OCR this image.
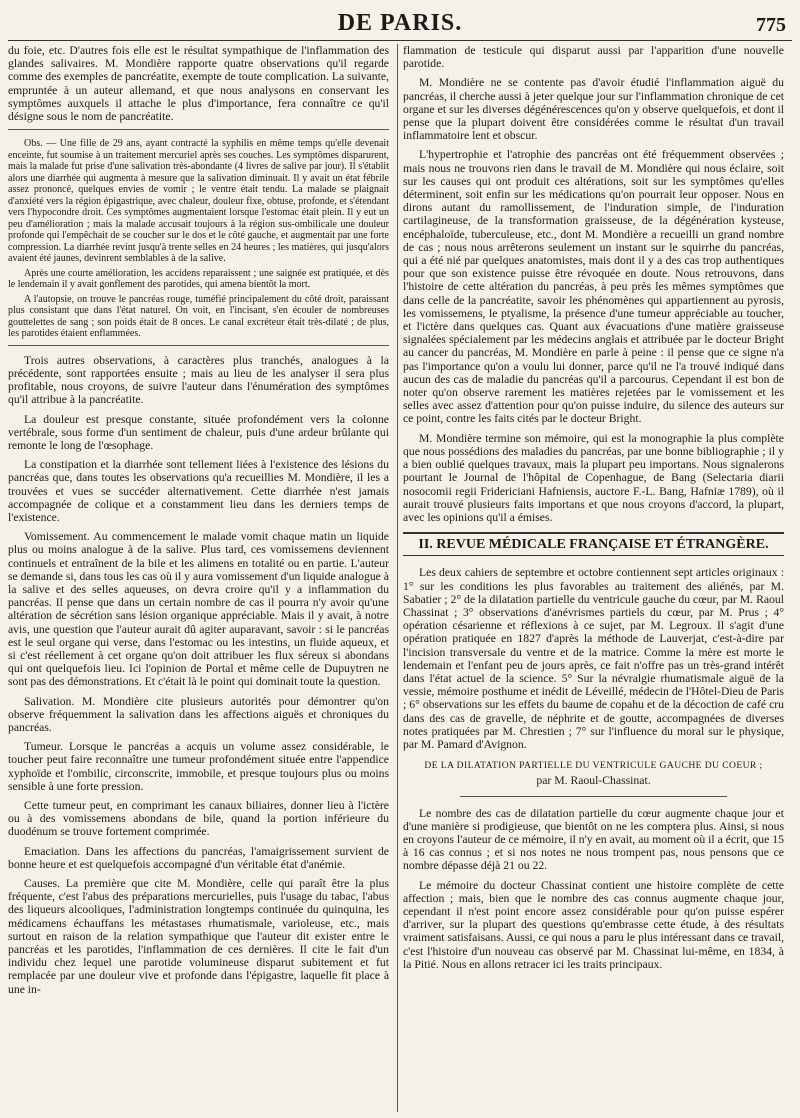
DE PARIS.	775

du foie, etc. D'autres fois elle est le résultat sympathique de l'inflammation des glandes salivaires. M. Mondière rapporte quatre observations qu'il regarde comme des exemples de pancréatite, exempte de toute complication. La suivante, empruntée à un auteur allemand, et que nous analysons en conservant les symptômes auxquels il attache le plus d'importance, fera connaître ce qu'il désigne sous le nom de pancréatite.

Obs. — Une fille de 29 ans, ayant contracté la syphilis en même temps qu'elle devenait enceinte, fut soumise à un traitement mercuriel après ses couches. Les symptômes disparurent, mais la malade fut prise d'une salivation très-abondante (4 livres de salive par jour). Il s'établit alors une diarrhée qui augmenta à mesure que la salivation diminuait. Il y avait un état fébrile assez prononcé, quelques envies de vomir ; le ventre était tendu. La malade se plaignait d'anxiété vers la région épigastrique, avec chaleur, douleur fixe, obtuse, profonde, et s'étendant vers l'hypocondre droit. Ces symptômes augmentaient lorsque l'estomac était plein. Il y eut un peu d'amélioration ; mais la malade accusait toujours à la région sus-ombilicale une douleur profonde qui l'empêchait de se coucher sur le dos et le côté gauche, et augmentait par une forte compression. La diarrhée revint jusqu'à trente selles en 24 heures ; les matières, qui jusqu'alors avaient été jaunes, devinrent semblables à de la salive.

Après une courte amélioration, les accidens reparaissent ; une saignée est pratiquée, et dès le lendemain il y avait gonflement des parotides, qui amena bientôt la mort.

A l'autopsie, on trouve le pancréas rouge, tuméfié principalement du côté droit, paraissant plus consistant que dans l'état naturel. On voit, en l'incisant, s'en écouler de nombreuses gouttelettes de sang ; son poids était de 8 onces. Le canal excréteur était très-dilaté ; de plus, les parotides étaient enflammées.

Trois autres observations, à caractères plus tranchés, analogues à la précédente, sont rapportées ensuite ; mais au lieu de les analyser il sera plus profitable, nous croyons, de suivre l'auteur dans l'énumération des symptômes qu'il attribue à la pancréatite.

La douleur est presque constante, située profondément vers la colonne vertébrale, sous forme d'un sentiment de chaleur, puis d'une ardeur brûlante qui remonte le long de l'œsophage.

La constipation et la diarrhée sont tellement liées à l'existence des lésions du pancréas que, dans toutes les observations qu'a recueillies M. Mondière, il les a trouvées et vues se succéder alternativement. Cette diarrhée n'est jamais accompagnée de colique et a constamment lieu dans les derniers temps de l'existence.

Vomissement. Au commencement le malade vomit chaque matin un liquide plus ou moins analogue à de la salive. Plus tard, ces vomissemens deviennent continuels et entraînent de la bile et les alimens en totalité ou en partie. L'auteur se demande si, dans tous les cas où il y aura vomissement d'un liquide analogue à la salive et des selles aqueuses, on devra croire qu'il y a inflammation du pancréas. Il pense que dans un certain nombre de cas il pourra n'y avoir qu'une altération de sécrétion sans lésion organique appréciable. Mais il y avait, à notre avis, une question que l'auteur aurait dû agiter auparavant, savoir : si le pancréas est le seul organe qui verse, dans l'estomac ou les intestins, un fluide aqueux, et si c'est réellement à cet organe qu'on doit attribuer les flux séreux si abondans qui ont quelquefois lieu. Ici l'opinion de Portal et même celle de Dupuytren ne sont pas des démonstrations. Et c'était là le point qui dominait toute la question.

Salivation. M. Mondière cite plusieurs autorités pour démontrer qu'on observe fréquemment la salivation dans les affections aiguës et chroniques du pancréas.

Tumeur. Lorsque le pancréas a acquis un volume assez considérable, le toucher peut faire reconnaître une tumeur profondément située entre l'appendice xyphoïde et l'ombilic, circonscrite, immobile, et presque toujours plus ou moins sensible à une forte pression.

Cette tumeur peut, en comprimant les canaux biliaires, donner lieu à l'ictère ou à des vomissemens abondans de bile, quand la portion inférieure du duodénum se trouve fortement comprimée.

Emaciation. Dans les affections du pancréas, l'amaigrissement survient de bonne heure et est quelquefois accompagné d'un véritable état d'anémie.

Causes. La première que cite M. Mondière, celle qui paraît être la plus fréquente, c'est l'abus des préparations mercurielles, puis l'usage du tabac, l'abus des liqueurs alcooliques, l'administration longtemps continuée du quinquina, les médicamens échauffans les métastases rhumatismale, varioleuse, etc., mais surtout en raison de la relation sympathique que l'auteur dit exister entre le pancréas et les parotides, l'inflammation de ces dernières. Il cite le fait d'un individu chez lequel une parotide volumineuse disparut subitement et fut remplacée par une douleur vive et profonde dans l'épigastre, laquelle fit place à une in-

flammation de testicule qui disparut aussi par l'apparition d'une nouvelle parotide.

M. Mondière ne se contente pas d'avoir étudié l'inflammation aiguë du pancréas, il cherche aussi à jeter quelque jour sur l'inflammation chronique de cet organe et sur les diverses dégénérescences qu'on y observe quelquefois, et dont il pense que la plupart doivent être considérées comme le résultat d'un travail inflammatoire lent et obscur.

L'hypertrophie et l'atrophie des pancréas ont été fréquemment observées ; mais nous ne trouvons rien dans le travail de M. Mondière qui nous éclaire, soit sur les causes qui ont produit ces altérations, soit sur les symptômes qu'elles déterminent, soit enfin sur les médications qu'on pourrait leur opposer. Nous en dirons autant du ramollissement, de l'induration simple, de l'induration cartilagineuse, de la transformation graisseuse, de la dégénération kysteuse, encéphaloïde, tuberculeuse, etc., dont M. Mondière a recueilli un grand nombre de cas ; nous nous arrêterons seulement un instant sur le squirrhe du pancréas, qui a été nié par quelques anatomistes, mais dont il y a des cas trop authentiques pour que son existence puisse être révoquée en doute. Nous retrouvons, dans l'histoire de cette altération du pancréas, à peu près les mêmes symptômes que dans celle de la pancréatite, savoir les phénomènes qui appartiennent au pyrosis, les vomissemens, le ptyalisme, la présence d'une tumeur appréciable au toucher, et l'ictère dans quelques cas. Quant aux évacuations d'une matière graisseuse signalées spécialement par les médecins anglais et attribuée par le docteur Bright au cancer du pancréas, M. Mondière en parle à peine : il pense que ce signe n'a pas l'importance qu'on a voulu lui donner, parce qu'il ne l'a trouvé indiqué dans aucun des cas de maladie du pancréas qu'il a parcourus. Cependant il est bon de noter qu'on observe rarement les matières rejetées par le vomissement et les selles avec assez d'attention pour qu'on puisse induire, du silence des auteurs sur ce point, contre les faits cités par le docteur Bright.

M. Mondière termine son mémoire, qui est la monographie la plus complète que nous possédions des maladies du pancréas, par une bonne bibliographie ; il y a bien oublié quelques travaux, mais la plupart peu importans. Nous signalerons pourtant le Journal de l'hôpital de Copenhague, de Bang (Selectaria diarii nosocomii regii Fridericiani Hafniensis, auctore F.-L. Bang, Hafniæ 1789), où il aurait trouvé plusieurs faits importans et que nous croyons d'accord, la plupart, avec les opinions qu'il a émises.

II. REVUE MÉDICALE FRANÇAISE ET ÉTRANGÈRE.

Les deux cahiers de septembre et octobre contiennent sept articles originaux : 1° sur les conditions les plus favorables au traitement des aliénés, par M. Sabatier ; 2° de la dilatation partielle du ventricule gauche du cœur, par M. Raoul Chassinat ; 3° observations d'anévrismes partiels du cœur, par M. Prus ; 4° opération césarienne et réflexions à ce sujet, par M. Legroux. Il s'agit d'une opération pratiquée en 1827 d'après la méthode de Lauverjat, c'est-à-dire par l'incision transversale du ventre et de la matrice. Comme la mère est morte le lendemain et l'enfant peu de jours après, ce fait n'offre pas un très-grand intérêt dans l'état actuel de la science. 5° Sur la névralgie rhumatismale aiguë de la vessie, mémoire posthume et inédit de Léveillé, médecin de l'Hôtel-Dieu de Paris ; 6° observations sur les effets du baume de copahu et de la décoction de café cru dans des cas de gravelle, de néphrite et de goutte, accompagnées de diverses notes pratiquées par M. Chrestien ; 7° sur l'influence du moral sur le physique, par M. Pamard d'Avignon.

DE LA DILATATION PARTIELLE DU VENTRICULE GAUCHE DU COEUR ;
par M. Raoul-Chassinat.

Le nombre des cas de dilatation partielle du cœur augmente chaque jour et d'une manière si prodigieuse, que bientôt on ne les comptera plus. Ainsi, si nous en croyons l'auteur de ce mémoire, il n'y en avait, au moment où il a écrit, que 15 à 16 cas connus ; et si nos notes ne nous trompent pas, nous pensons que ce nombre dépasse déjà 21 ou 22.

Le mémoire du docteur Chassinat contient une histoire complète de cette affection ; mais, bien que le nombre des cas connus augmente chaque jour, cependant il n'est point encore assez considérable pour qu'on puisse espérer d'arriver, sur la plupart des questions qu'embrasse cette étude, à des résultats vraiment satisfaisans. Aussi, ce qui nous a paru le plus intéressant dans ce travail, c'est l'histoire d'un nouveau cas observé par M. Chassinat lui-même, en 1834, à la Pitié. Nous en allons retracer ici les traits principaux.
